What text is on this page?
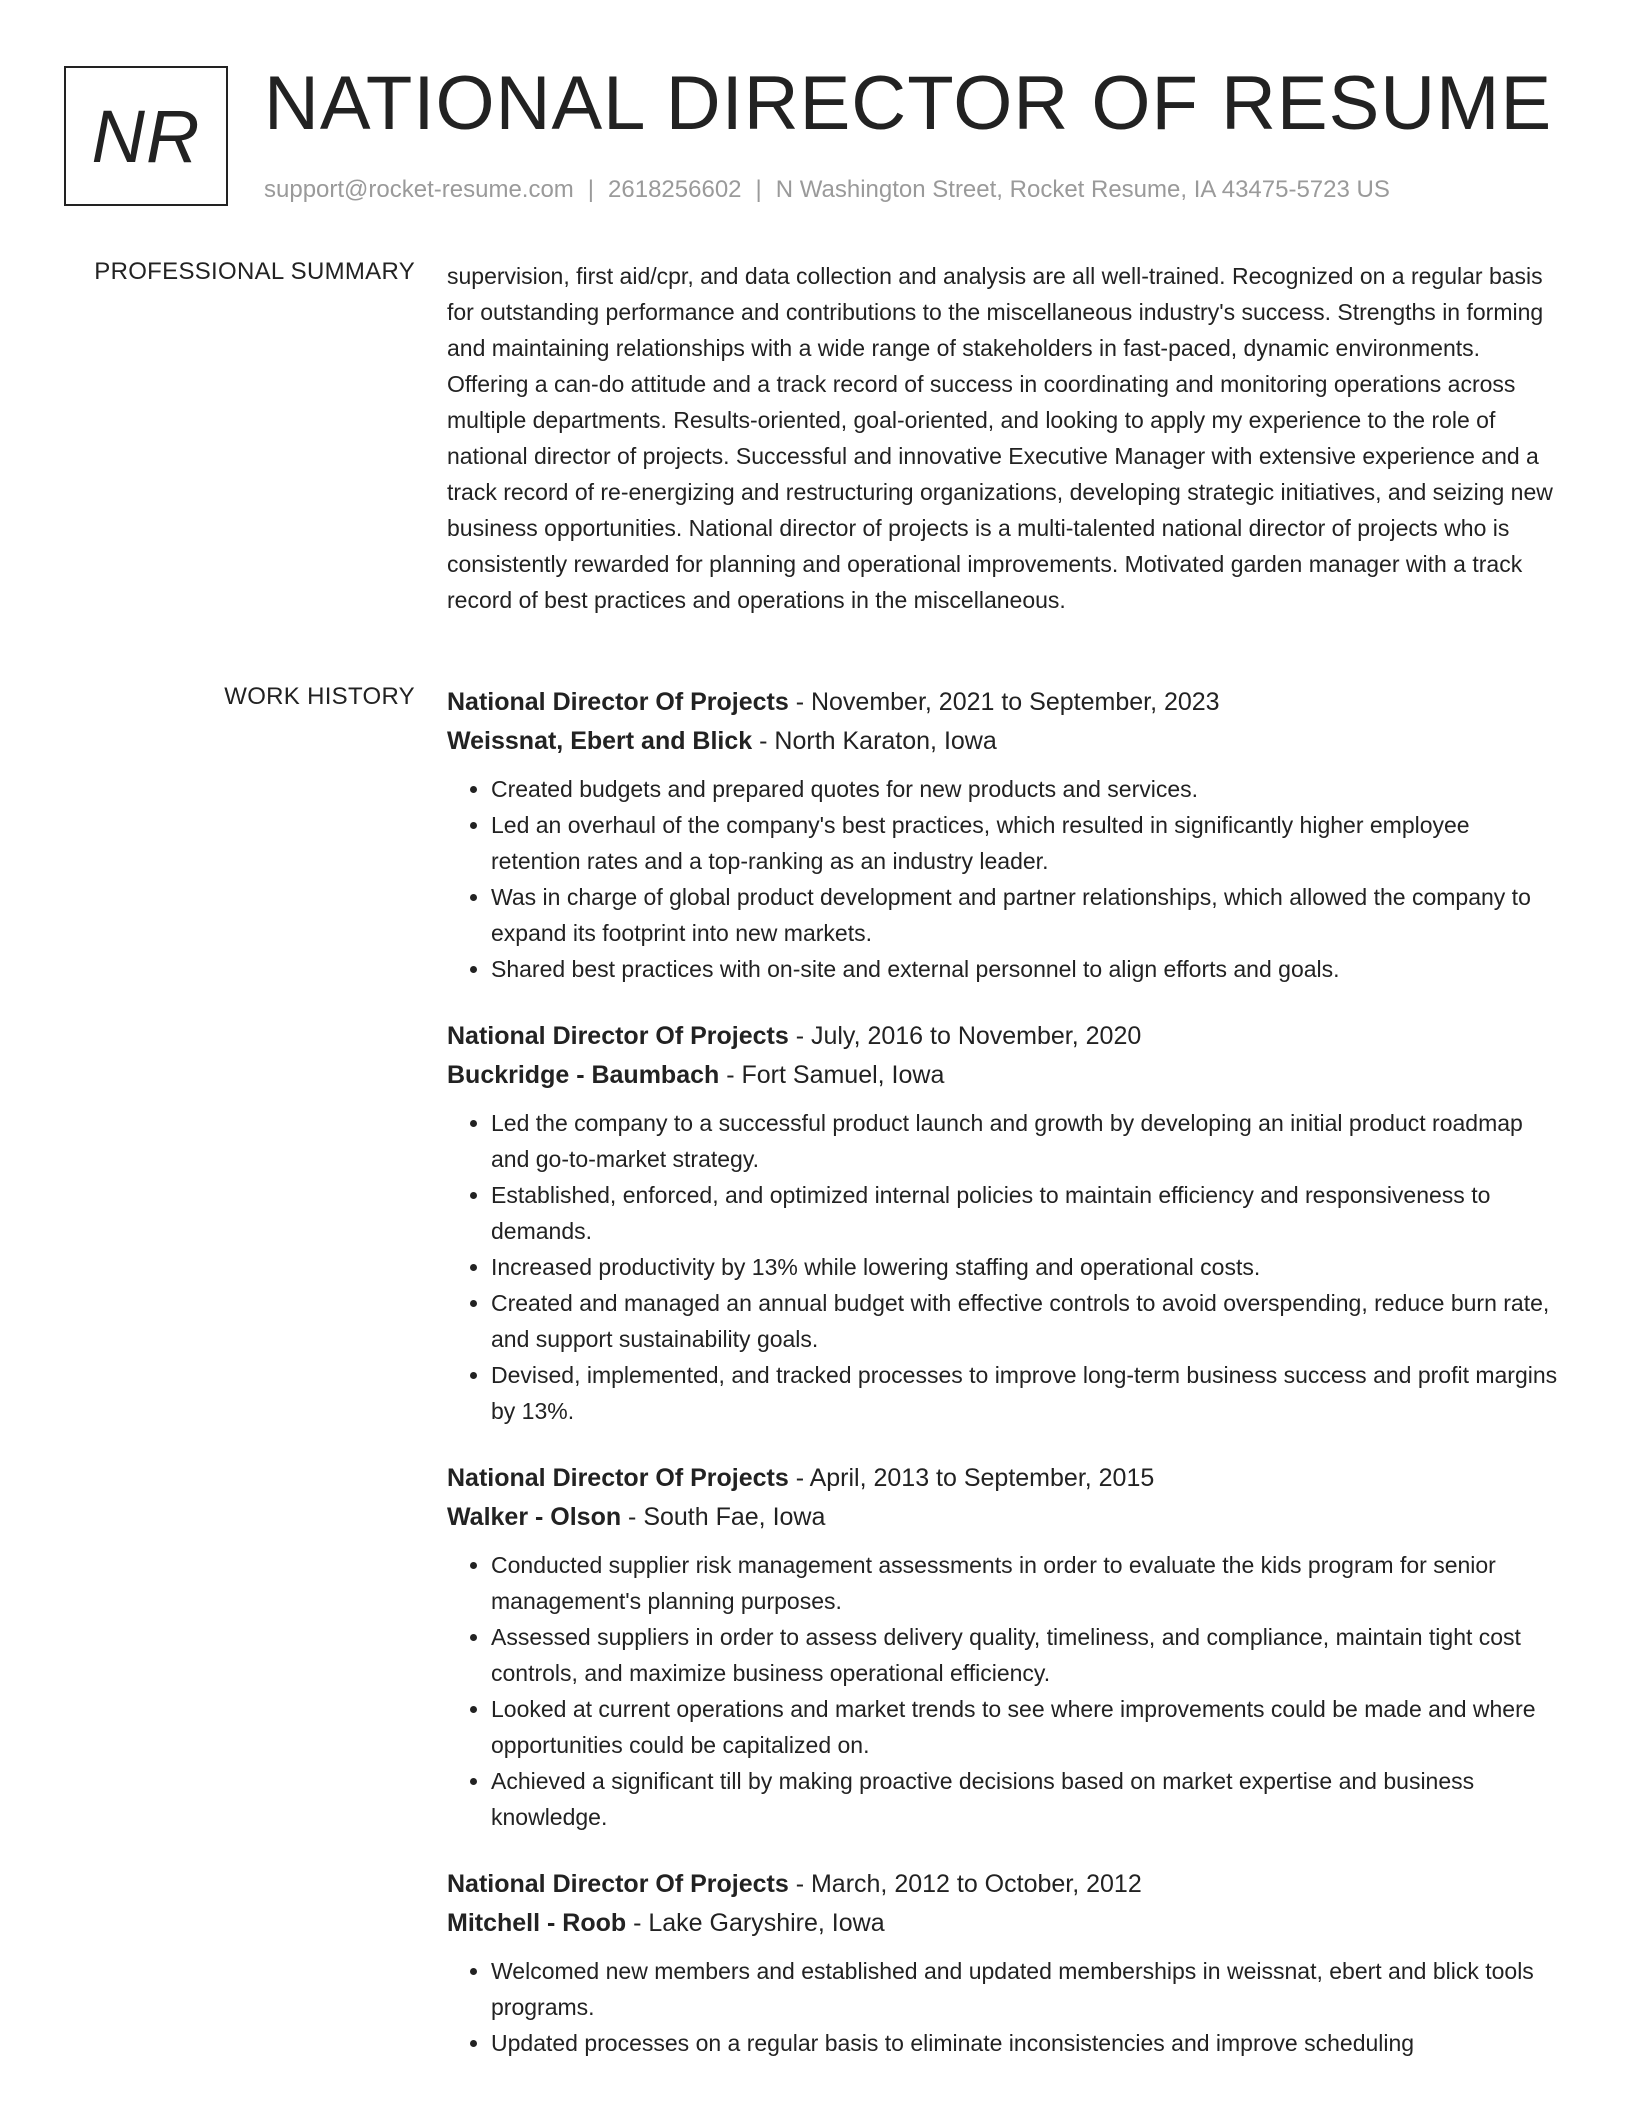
NR NATIONAL DIRECTOR OF RESUME
support@rocket-resume.com | 2618256602 | N Washington Street, Rocket Resume, IA 43475-5723 US
PROFESSIONAL SUMMARY supervision, first aid/cpr, and data collection and analysis are all well-trained. Recognized on a regular basis for outstanding performance and contributions to the miscellaneous industry's success. Strengths in forming and maintaining relationships with a wide range of stakeholders in fast-paced, dynamic environments. Offering a can-do attitude and a track record of success in coordinating and monitoring operations across multiple departments. Results-oriented, goal-oriented, and looking to apply my experience to the role of national director of projects. Successful and innovative Executive Manager with extensive experience and a track record of re-energizing and restructuring organizations, developing strategic initiatives, and seizing new business opportunities. National director of projects is a multi-talented national director of projects who is consistently rewarded for planning and operational improvements. Motivated garden manager with a track record of best practices and operations in the miscellaneous.

WORK HISTORY National Director Of Projects - November, 2021 to September, 2023
Weissnat, Ebert and Blick - North Karaton, Iowa
• Created budgets and prepared quotes for new products and services.
• Led an overhaul of the company's best practices, which resulted in significantly higher employee retention rates and a top-ranking as an industry leader.
• Was in charge of global product development and partner relationships, which allowed the company to expand its footprint into new markets.
• Shared best practices with on-site and external personnel to align efforts and goals.
National Director Of Projects - July, 2016 to November, 2020
Buckridge - Baumbach - Fort Samuel, Iowa
• Led the company to a successful product launch and growth by developing an initial product roadmap and go-to-market strategy.
• Established, enforced, and optimized internal policies to maintain efficiency and responsiveness to demands.
• Increased productivity by 13% while lowering staffing and operational costs.
• Created and managed an annual budget with effective controls to avoid overspending, reduce burn rate, and support sustainability goals.
• Devised, implemented, and tracked processes to improve long-term business success and profit margins by 13%.
National Director Of Projects - April, 2013 to September, 2015
Walker - Olson - South Fae, Iowa
• Conducted supplier risk management assessments in order to evaluate the kids program for senior management's planning purposes.
• Assessed suppliers in order to assess delivery quality, timeliness, and compliance, maintain tight cost controls, and maximize business operational efficiency.
• Looked at current operations and market trends to see where improvements could be made and where opportunities could be capitalized on.
• Achieved a significant till by making proactive decisions based on market expertise and business knowledge.
National Director Of Projects - March, 2012 to October, 2012
Mitchell - Roob - Lake Garyshire, Iowa
• Welcomed new members and established and updated memberships in weissnat, ebert and blick tools programs.
• Updated processes on a regular basis to eliminate inconsistencies and improve scheduling
